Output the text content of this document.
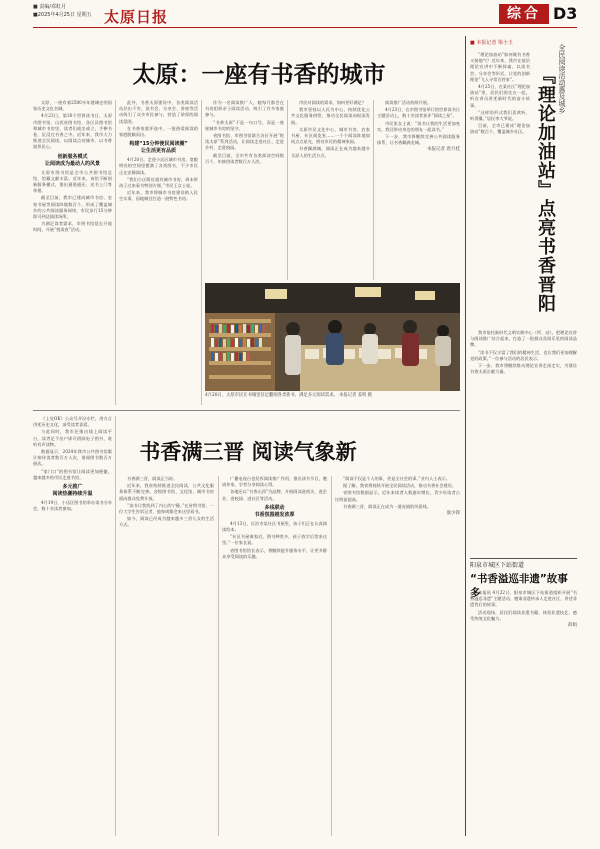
■ 责编/邓虹月
■2025年4月25日 星期五 太原日报	综合 D3
太原：一座有书香的城市

太原，一座有着2500多年建城史的国家历史文化名城。

4月23日，第30个世界读书日，太原市图书馆、山西省图书馆、各区县图书馆和城市书房里，读者们或坐或立，手捧书卷，沉浸在书香之中。近年来，我市大力推进全民阅读，以阅读点亮城市、以书香滋养民心。

创新服务模式
让阅读成为最动人的风景

太原市图书馆是全市公共图书馆总馆，馆藏文献丰富。近年来，该馆不断创新服务模式，推出通借通还、送书上门等举措。

截至目前，我市已建成城市书房、农家书屋等阅读阵地数百个，形成了覆盖城乡的公共阅读服务网络，市民步行15分钟即可到达阅读场所。

为满足读者需求，市图书馆延长开放时间，开展“悦读夜”活动。

此外，书香太原建设中，各类阅读活动层出不穷，读书会、分享会、讲座等活动吸引了众多市民参与，营造了浓厚的阅读氛围。

在书香家庭评选中，一批热爱阅读的家庭脱颖而出。

构建“15分钟便民阅读圈”
让生活更有品质

4月20日，走进小店区城市书房，宽敞明亮的空间里摆满了各类图书，不少市民正在安静阅读。

“我们小区附近就有城市书房，周末带孩子过来看书特别方便。”市民王女士说。

近年来，我市将城市书房建设纳入民生实事，因地制宜打造一批特色书房。

作为一名阅读推广人，她每月都会在书房组织亲子阅读活动，吸引了许多家庭参与。

“书香太原”不是一句口号，而是一座座城市书房的坚守。

省图书馆、市图书馆联合各区开展“悦读太原”系列活动，让阅读走进社区、走进乡村、走进校园。

截至目前，全市共有各类阅读空间数百个，年接待读者数百万人次。

市民对阅读的需求，如何更好满足？

我市坚持以人民为中心，持续优化公共文化服务供给，推动全民阅读向纵深发展。

太原市民文化中心、城市书房、农家书屋、社区阅览室……一个个阅读阵地如同点点星光，照亮市民的精神家园。

书香飘满城，阅读正在成为越来越多太原人的生活方式。

阅读推广活动持续开展。

4月23日，在市图书馆举行的世界读书日主题活动上，数十名读者获评“阅读之星”。

市民张女士说：“读书让我的生活更加充实，我还带动身边的朋友一起读书。”

下一步，我市将继续完善公共阅读服务体系，让书香飘满龙城。

本报记者 唐月桂
4月20日，太原市民在书城里驻足翻阅各类新书，满足多元阅读需求。 本报记者 姜明 摄
■ 本报记者 梁小玉
全民阅读活动惠及城乡
『理论加油站』点亮书香晋阳

“理论加油站”如何既有书香又接地气？近年来，我市在基层理论宣讲中不断探索，以读书会、分享会等形式，让党的创新理论“飞入寻常百姓家”。

4月25日，在某社区“理论加油站”里，居民们围坐在一起，听宣讲员讲述新时代的奋斗故事。

“这样的形式我们喜欢听、听得懂。”居民李大爷说。

目前，全市已建成“理论加油站”数百个，覆盖城乡社区。

我市依托新时代文明实践中心（所、站），把理论宣讲与阅读推广结合起来，打造了一批群众喜闻乐见的阅读品牌。

“读书不仅丰富了我们的精神生活，也让我们更加理解党的政策。”一位参与活动的居民表示。

下一步，我市将继续推动理论宣讲走深走实，为建设书香太原贡献力量。

阳泉市城区下站街道
“书香溢巡非遗”故事多

本报讯 4月22日，阳泉市城区下站街道组织开展“书香溢巡非遗”主题活动，邀请非遗传承人走进社区，讲述非遗背后的故事。

活动现场，居民们阅读非遗书籍、体验非遗技艺，感受传统文化魅力。

薛娟
书香满三晋 阅读气象新

《上党OK》公众号开设专栏，用方言讲述历史文化，深受读者喜爱。

与此同时，我市还推出线上阅读平台，读者足不出户即可借阅电子图书、收听有声读物。

数据显示，2024年我市公共图书馆累计接待读者数百万人次，借阅图书数百万册次。

“家门口”的图书馆让阅读更加便捷，越来越多的市民走进书房。

多元推广
阅读热潮持续升温

4月19日，小店区图书馆举办读书分享会，数十名读者参加。

书香满三晋，阅读正当时。

近年来，我省持续推进全民阅读，公共文化服务体系不断完善。各级图书馆、文化馆、城市书房面向群众免费开放。

“读书让我找到了内心的宁静。”在省图书馆，一位大学生告诉记者，他每周都会来这里看书。

如今，阅读已经成为越来越多三晋儿女的生活方式。

广播电视台也发挥阅读推广作用，推出读书节目，邀请作家、学者分享阅读心得。

各地还以“书香山西”为品牌，开展阅读进机关、进企业、进校园、进社区等活动。

多线联动
书香氛围越发浓厚

4月13日，长治市某社区书屋里，孩子们正在认真阅读绘本。

“社区书屋离家近，图书种类多，孩子放学后常来这里。”一位家长说。

省图书馆馆长表示，将继续提升服务水平，让更多群众享受阅读的乐趣。

“阅读不仅是个人的事，更是全社会的事。”业内人士表示。

据了解，我省将持续开展全民阅读活动，推动书香社会建设。

省图书馆数据显示，近年来读者人数逐年增长，青少年读者占比明显提高。

书香满三晋，阅读正在成为一道亮丽的风景线。

康少锋
